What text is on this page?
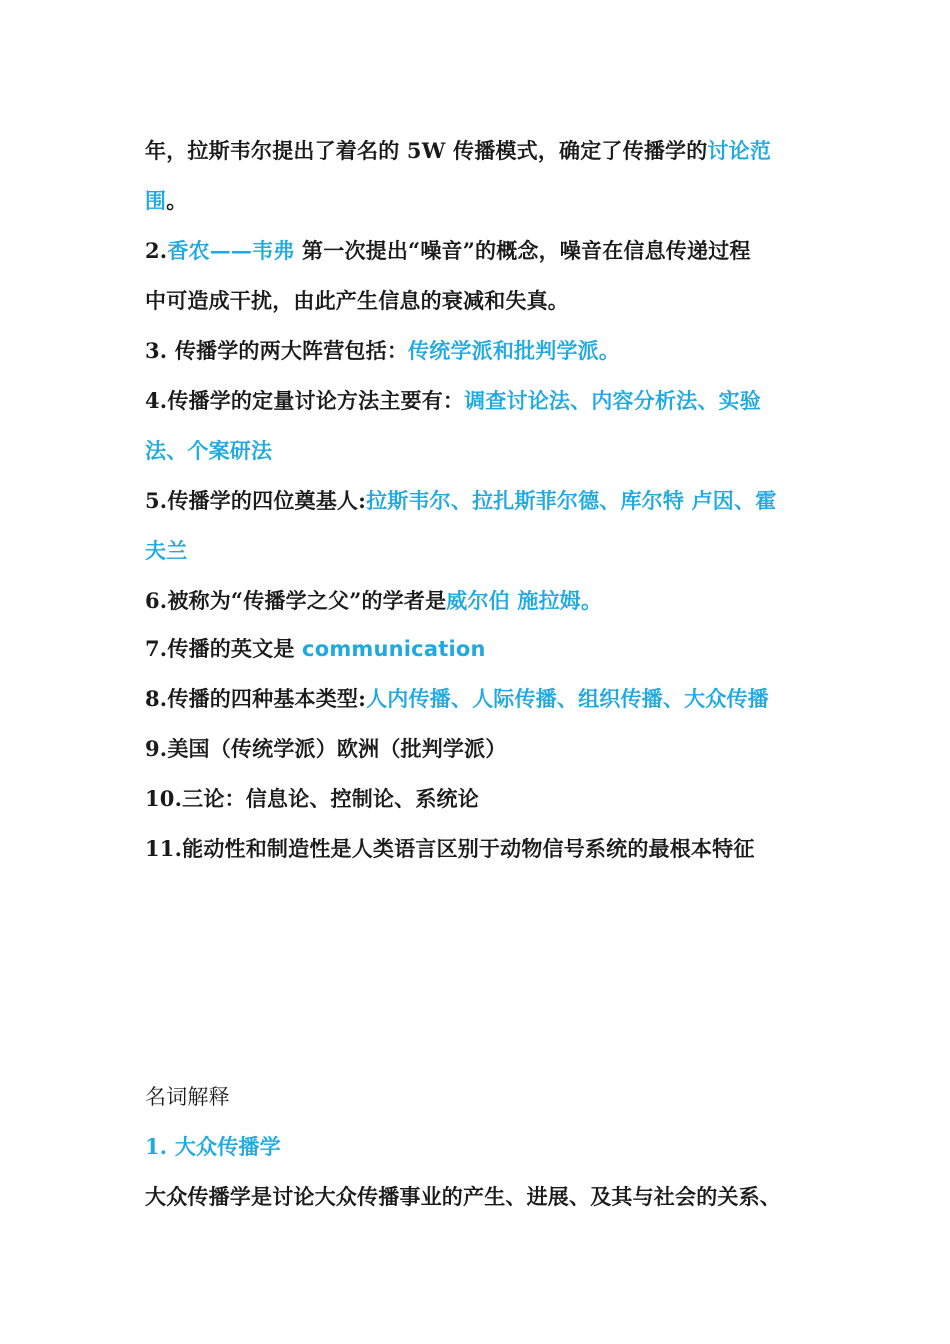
年，拉斯韦尔提出了着名的 5W 传播模式，确定了传播学的讨论范
围。
2.香农——韦弗 第一次提出“噪音”的概念，噪音在信息传递过程
中可造成干扰，由此产生信息的衰减和失真。
3. 传播学的两大阵营包括：传统学派和批判学派。
4.传播学的定量讨论方法主要有：调查讨论法、内容分析法、实验
法、个案研法
5.传播学的四位奠基人:拉斯韦尔、拉扎斯菲尔德、库尔特 卢因、霍
夫兰
6.被称为“传播学之父”的学者是威尔伯 施拉姆。
7.传播的英文是 communication
8.传播的四种基本类型:人内传播、人际传播、组织传播、大众传播
9.美国（传统学派）欧洲（批判学派）
10.三论：信息论、控制论、系统论
11.能动性和制造性是人类语言区别于动物信号系统的最根本特征
名词解释
1. 大众传播学
大众传播学是讨论大众传播事业的产生、进展、及其与社会的关系、
